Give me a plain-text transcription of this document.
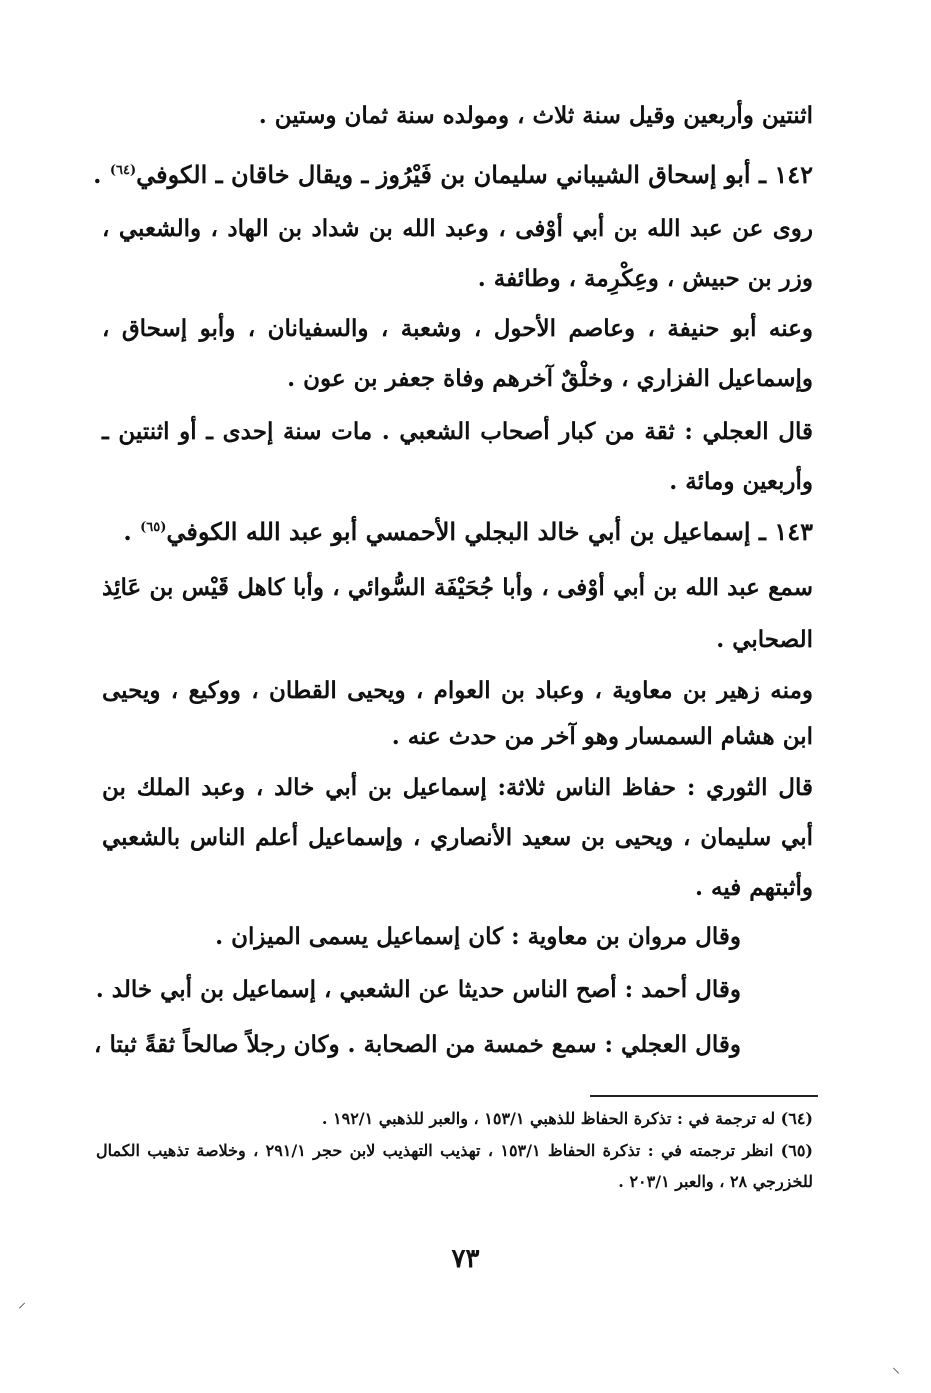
اثنتين وأربعين وقيل سنة ثلاث ، ومولده سنة ثمان وستين .
١٤٢ ـ أبو إسحاق الشيباني سليمان بن فَيْرُوز ـ ويقال خاقان ـ الكوفي$^{(٦٤)}$ .
روى عن عبد الله بن أبي أوْفى ، وعبد الله بن شداد بن الهاد ، والشعبي ،
وزر بن حبيش ، وعِكْرِمة ، وطائفة .
وعنه أبو حنيفة ، وعاصم الأحول ، وشعبة ، والسفيانان ، وأبو إسحاق ،
وإسماعيل الفزاري ، وخلْقٌ آخرهم وفاة جعفر بن عون .
قال العجلي : ثقة من كبار أصحاب الشعبي . مات سنة إحدى ـ أو اثنتين ـ
وأربعين ومائة .
١٤٣ ـ إسماعيل بن أبي خالد البجلي الأحمسي أبو عبد الله الكوفي$^{(٦٥)}$ .
سمع عبد الله بن أبي أوْفى ، وأبا جُحَيْفَة السُّوائي ، وأبا كاهل قَيْس بن عَائِذ
الصحابي .
ومنه زهير بن معاوية ، وعباد بن العوام ، ويحيى القطان ، ووكيع ، ويحيى
ابن هشام السمسار وهو آخر من حدث عنه .
قال الثوري : حفاظ الناس ثلاثة: إسماعيل بن أبي خالد ، وعبد الملك بن
أبي سليمان ، ويحيى بن سعيد الأنصاري ، وإسماعيل أعلم الناس بالشعبي
وأثبتهم فيه .
وقال مروان بن معاوية : كان إسماعيل يسمى الميزان .
وقال أحمد : أصح الناس حديثا عن الشعبي ، إسماعيل بن أبي خالد .
وقال العجلي : سمع خمسة من الصحابة . وكان رجلاً صالحاً ثقةً ثبتا ،
(٦٤) له ترجمة في : تذكرة الحفاظ للذهبي ١٥٣/١ ، والعبر للذهبي ١٩٢/١ .
(٦٥) انظر ترجمته في : تذكرة الحفاظ ١٥٣/١ ، تهذيب التهذيب لابن حجر ٢٩١/١ ، وخلاصة تذهيب الكمال
للخزرجي ٢٨ ، والعبر ٢٠٣/١ .
٧٣
⸍
⸌
